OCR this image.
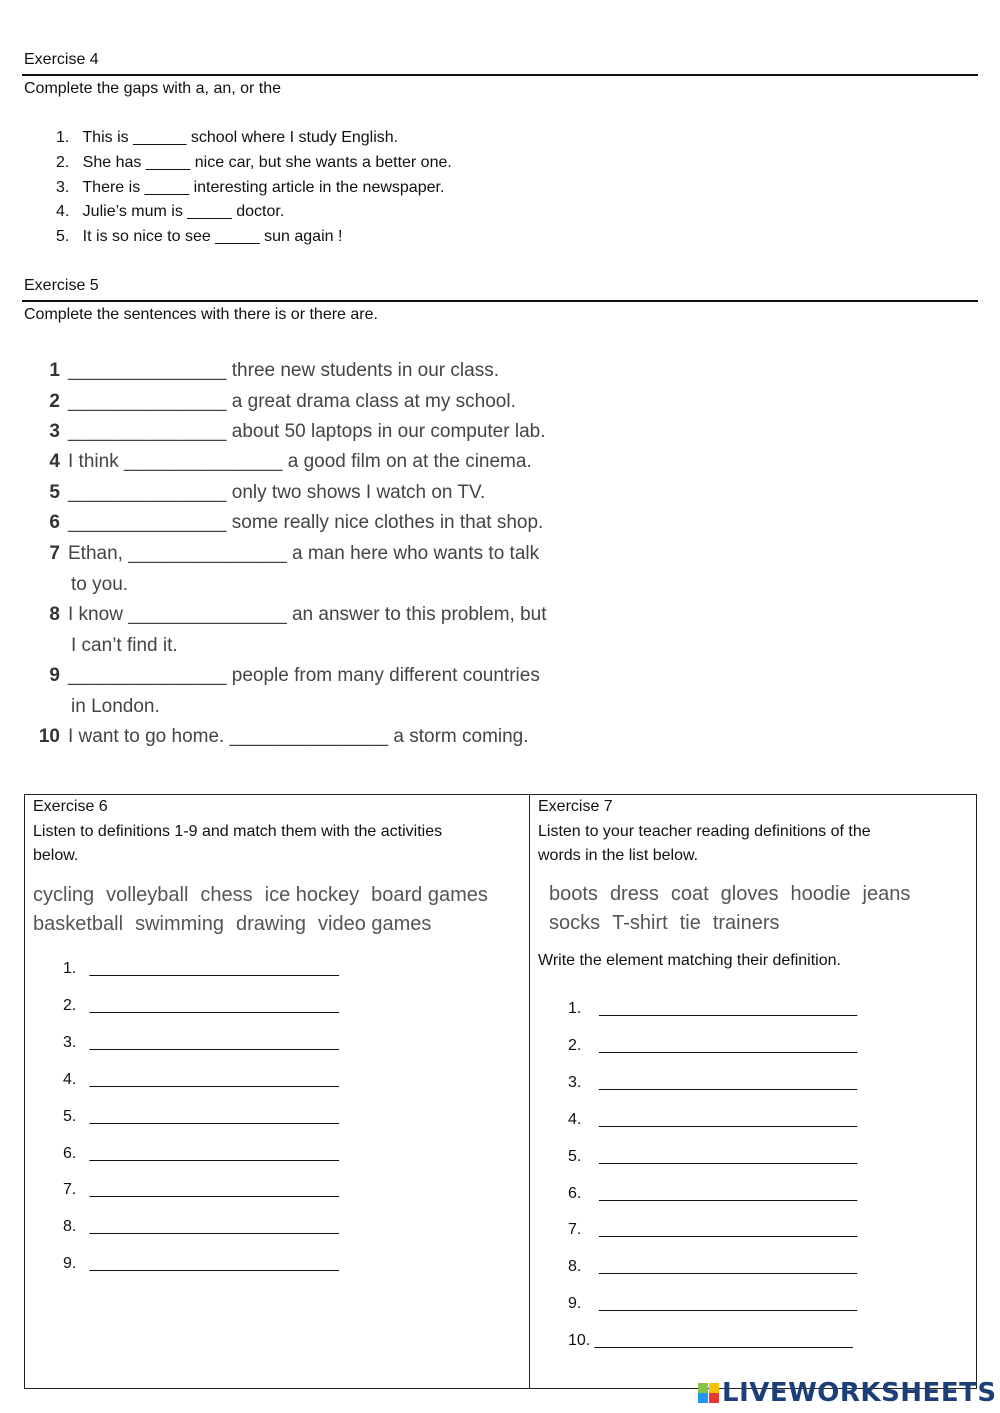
Exercise 4
Complete the gaps with a, an, or the
1.   This is ______ school where I study English.
2.   She has _____ nice car, but she wants a better one.
3.   There is _____ interesting article in the newspaper.
4.   Julie’s mum is _____ doctor.
5.   It is so nice to see _____ sun again !
Exercise 5
Complete the sentences with there is or there are.
1 _______________ three new students in our class.
2 _______________ a great drama class at my school.
3 _______________ about 50 laptops in our computer lab.
4 I think _______________ a good film on at the cinema.
5 _______________ only two shows I watch on TV.
6 _______________ some really nice clothes in that shop.
7 Ethan, _______________ a man here who wants to talk
to you.
8 I know _______________ an answer to this problem, but
I can’t find it.
9 _______________ people from many different countries
in London.
10 I want to go home. _______________ a storm coming.
Exercise 6
Listen to definitions 1-9 and match them with the activities
below.
cycling volleyball chess ice hockey board games
basketball swimming drawing video games
1.   ____________________________
2.   ____________________________
3.   ____________________________
4.   ____________________________
5.   ____________________________
6.   ____________________________
7.   ____________________________
8.   ____________________________
9.   ____________________________
Exercise 7
Listen to your teacher reading definitions of the
words in the list below.
boots dress coat gloves hoodie jeans
socks T-shirt tie trainers
Write the element matching their definition.
1.    _____________________________
2.    _____________________________
3.    _____________________________
4.    _____________________________
5.    _____________________________
6.    _____________________________
7.    _____________________________
8.    _____________________________
9.    _____________________________
10. _____________________________
LIVEWORKSHEETS
